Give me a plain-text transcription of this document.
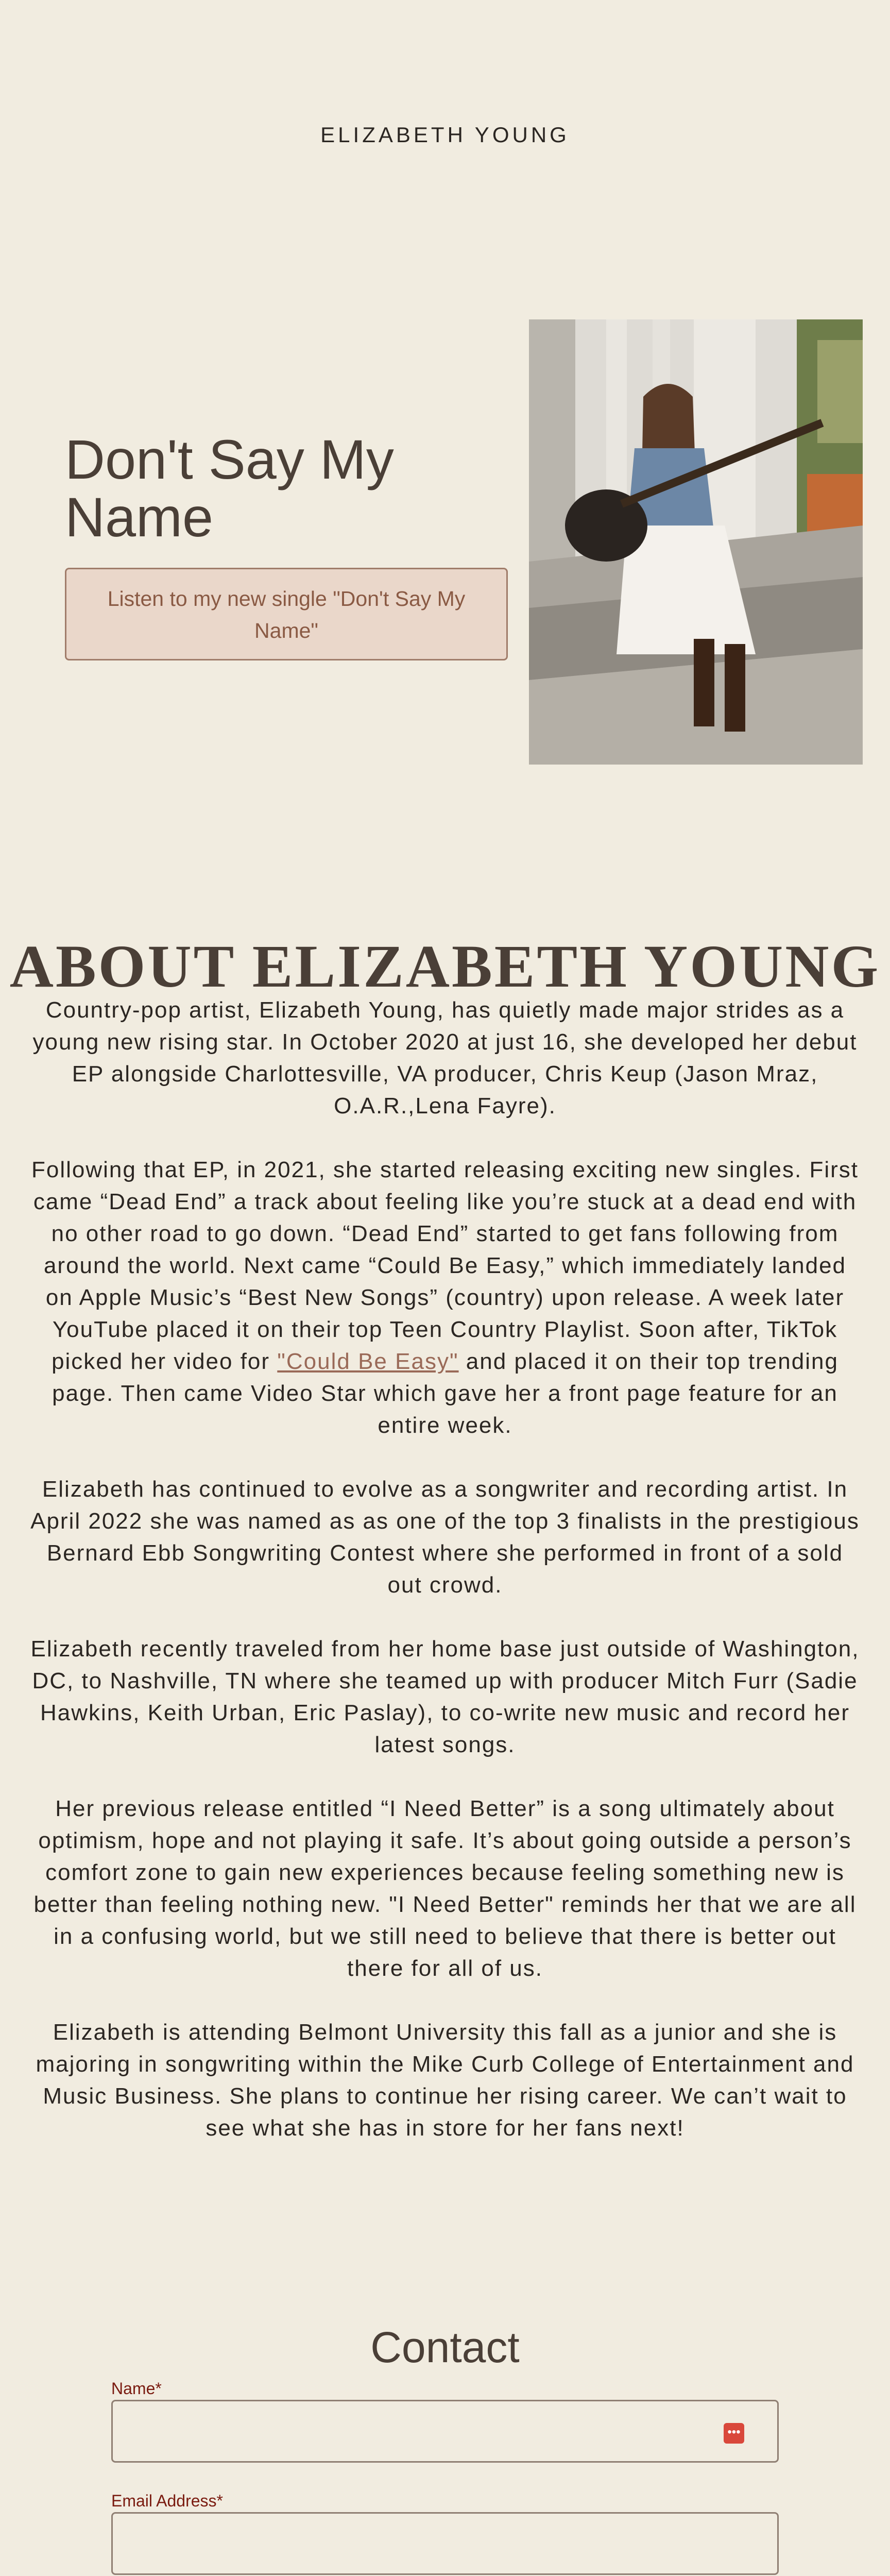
ELIZABETH YOUNG
Don't Say My Name
Listen to my new single "Don't Say My Name"
ABOUT ELIZABETH YOUNG

Country-pop artist, Elizabeth Young, has quietly made major strides as a young new rising star. In October 2020 at just 16, she developed her debut EP alongside Charlottesville, VA producer, Chris Keup (Jason Mraz, O.A.R.,Lena Fayre).

Following that EP, in 2021, she started releasing exciting new singles. First came “Dead End” a track about feeling like you’re stuck at a dead end with no other road to go down. “Dead End” started to get fans following from around the world. Next came “Could Be Easy,” which immediately landed on Apple Music’s “Best New Songs” (country) upon release. A week later YouTube placed it on their top Teen Country Playlist. Soon after, TikTok picked her video for "Could Be Easy" and placed it on their top trending page. Then came Video Star which gave her a front page feature for an entire week.

Elizabeth has continued to evolve as a songwriter and recording artist. In April 2022 she was named as as one of the top 3 finalists in the prestigious Bernard Ebb Songwriting Contest where she performed in front of a sold out crowd.

Elizabeth recently traveled from her home base just outside of Washington, DC, to Nashville, TN where she teamed up with producer Mitch Furr (Sadie Hawkins, Keith Urban, Eric Paslay), to co-write new music and record her latest songs.

Her previous release entitled “I Need Better” is a song ultimately about optimism, hope and not playing it safe. It’s about going outside a person’s comfort zone to gain new experiences because feeling something new is better than feeling nothing new. "I Need Better" reminds her that we are all in a confusing world, but we still need to believe that there is better out there for all of us.

Elizabeth is attending Belmont University this fall as a junior and she is majoring in songwriting within the Mike Curb College of Entertainment and Music Business. She plans to continue her rising career. We can’t wait to see what she has in store for her fans next!

Contact
Name*
•••
Email Address*
